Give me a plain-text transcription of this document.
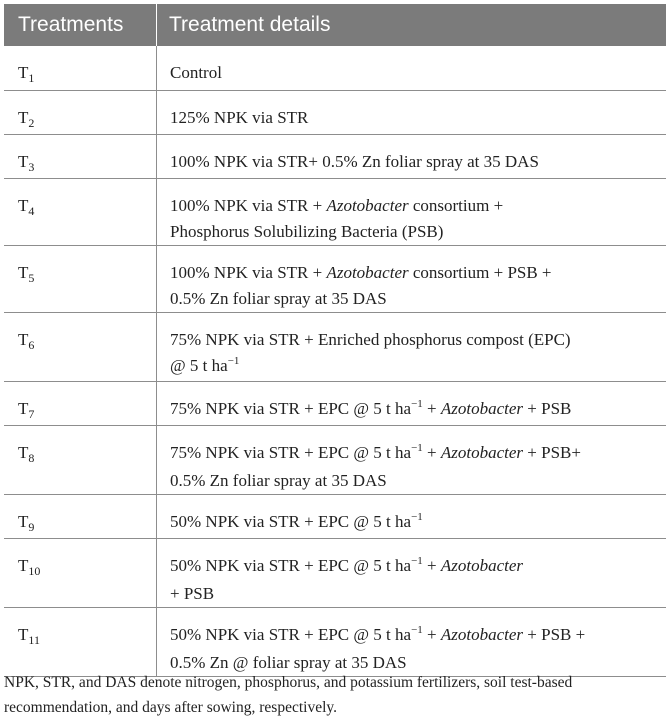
Treatments	Treatment details
$T_1$	Control
$T_2$	125% NPK via STR
$T_3$	100% NPK via STR+ 0.5% Zn foliar spray at 35 DAS
$T_4$	100% NPK via STR + Azotobacter consortium +
Phosphorus Solubilizing Bacteria (PSB)
$T_5$	100% NPK via STR + Azotobacter consortium + PSB +
0.5% Zn foliar spray at 35 DAS
$T_6$	75% NPK via STR + Enriched phosphorus compost (EPC)
@ 5 t $ha^{-1}$
$T_7$	75% NPK via STR + EPC @ 5 t $ha^{-1}$ + Azotobacter + PSB
$T_8$	75% NPK via STR + EPC @ 5 t $ha^{-1}$ + Azotobacter + PSB+
0.5% Zn foliar spray at 35 DAS
$T_9$	50% NPK via STR + EPC @ 5 t $ha^{-1}$
$T_{10}$	50% NPK via STR + EPC @ 5 t $ha^{-1}$ + Azotobacter
+ PSB
$T_{11}$	50% NPK via STR + EPC @ 5 t $ha^{-1}$ + Azotobacter + PSB +
0.5% Zn @ foliar spray at 35 DAS
NPK, STR, and DAS denote nitrogen, phosphorus, and potassium fertilizers, soil test-based recommendation, and days after sowing, respectively.
